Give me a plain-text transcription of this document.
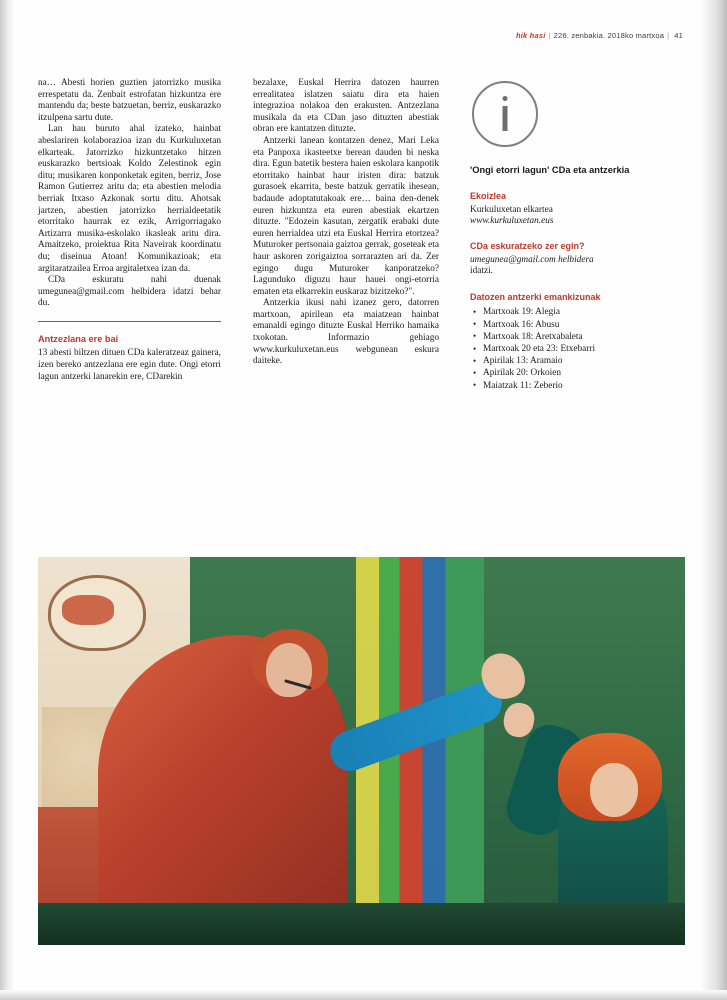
hik hasi | 226. zenbakia. 2018ko martxoa | 41

na… Abesti horien guztien jatorrizko musika errespetatu da. Zenbait estrofatan hizkuntza ere mantendu da; beste batzuetan, berriz, euskarazko itzulpena sartu dute.

Lan hau buruto ahal izateko, hainbat abeslariren kolaborazioa izan du Kurkuluxetan elkarteak. Jatorrizko hizkuntzetako hitzen euskarazko bertsioak Koldo Zelestinok egin ditu; musikaren konponketak egiten, berriz, Jose Ramon Gutierrez aritu da; eta abestien melodia berriak Itxaso Azkonak sortu ditu. Ahotsak jartzen, abestien jatorrizko herrialdeetatik etorritako haurrak ez ezik, Arrigorriagako Artizarra musika-eskolako ikasleak aritu dira. Amaitzeko, proiektua Rita Naveirak koordinatu du; diseinua Atoan! Komunikazioak; eta argitaratzailea Erroa argitaletxea izan da.

CDa eskuratu nahi duenak umegunea@gmail.com helbidera idatzi behar du.

Antzezlana ere bai

13 abesti biltzen dituen CDa kaleratzeaz gainera, izen bereko antzezlana ere egin dute. Ongi etorri lagun antzerki lanarekin ere, CDarekin

bezalaxe, Euskal Herrira datozen haurren errealitatea islatzen saiatu dira eta haien integrazioa nolakoa den erakusten. Antzezlana musikala da eta CDan jaso dituzten abestiak obran ere kantatzen dituzte.

Antzerki lanean kontatzen denez, Mari Leka eta Panpoxa ikasteetxe berean dauden bi neska dira. Egun batetik bestera haien eskolara kanpotik etorritako hainbat haur iristen dira: batzuk gurasoek ekarrita, beste batzuk gerratik ihesean, badaude adoptatutakoak ere… baina den-denek euren hizkuntza eta euren abestiak ekartzen dituzte. "Edozein kasutan, zergatik erabaki dute euren herrialdea utzi eta Euskal Herrira etortzea? Muturoker pertsonaia gaiztoa gerrak, goseteak eta haur askoren zorigaiztoa sorrarazten ari da. Zer egingo dugu Muturoker kanporatzeko? Lagunduko diguzu haur hauei ongi-etorria ematen eta elkarrekin euskaraz bizitzeko?".

Antzerkia ikusi nahi izanez gero, datorren martxoan, apirilean eta maiatzean hainbat emanaldi egingo dituzte Euskal Herriko hamaika txokotan. Informazio gehiago www.kurkuluxetan.eus webgunean eskura daiteke.

'Ongi etorri lagun' CDa eta antzerkia
Ekoizlea
Kurkuluxetan elkartea
www.kurkuluxetan.eus
CDa eskuratzeko zer egin?
umegunea@gmail.com helbidera
idatzi.
Datozen antzerki emankizunak
• Martxoak 19: Alegia
• Martxoak 16: Abusu
• Martxoak 18: Aretxabaleta
• Martxoak 20 eta 23: Etxebarri
• Apirilak 13: Aramaio
• Apirilak 20: Orkoien
• Maiatzak 11: Zeberio
